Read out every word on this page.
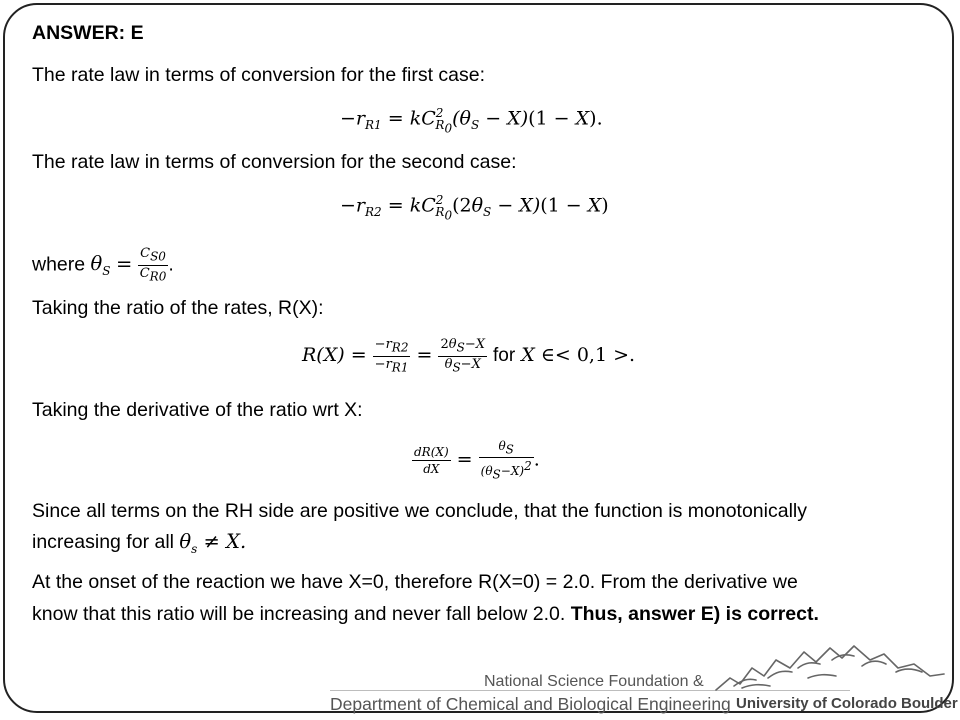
ANSWER: E
The rate law in terms of conversion for the first case:
$-r_{R1} = kC^2_{R_0}(\theta_S - X)(1 - X)$.
The rate law in terms of conversion for the second case:
$-r_{R2} = kC^2_{R_0}(2\theta_S - X)(1 - X)$
where $\theta_S = \frac{C_{S0}}{C_{R0}}$ .
Taking the ratio of the rates, R(X):
$R(X) = \frac{-r_{R2}}{-r_{R1}} = \frac{2\theta_S-X}{\theta_S-X}$ for X ∈< 0,1 >.
Taking the derivative of the ratio wrt X:
$\frac{dR(X)}{dX} = \frac{\theta_S}{(\theta_S-X)^2}$ .
Since all terms on the RH side are positive we conclude, that the function is monotonically
increasing for all $\theta_s \ne X$.
At the onset of the reaction we have X=0, therefore R(X=0) = 2.0. From the derivative we
know that this ratio will be increasing and never fall below 2.0. Thus, answer E) is correct.
National Science Foundation &
Department of Chemical and Biological Engineering University of Colorado Boulder
